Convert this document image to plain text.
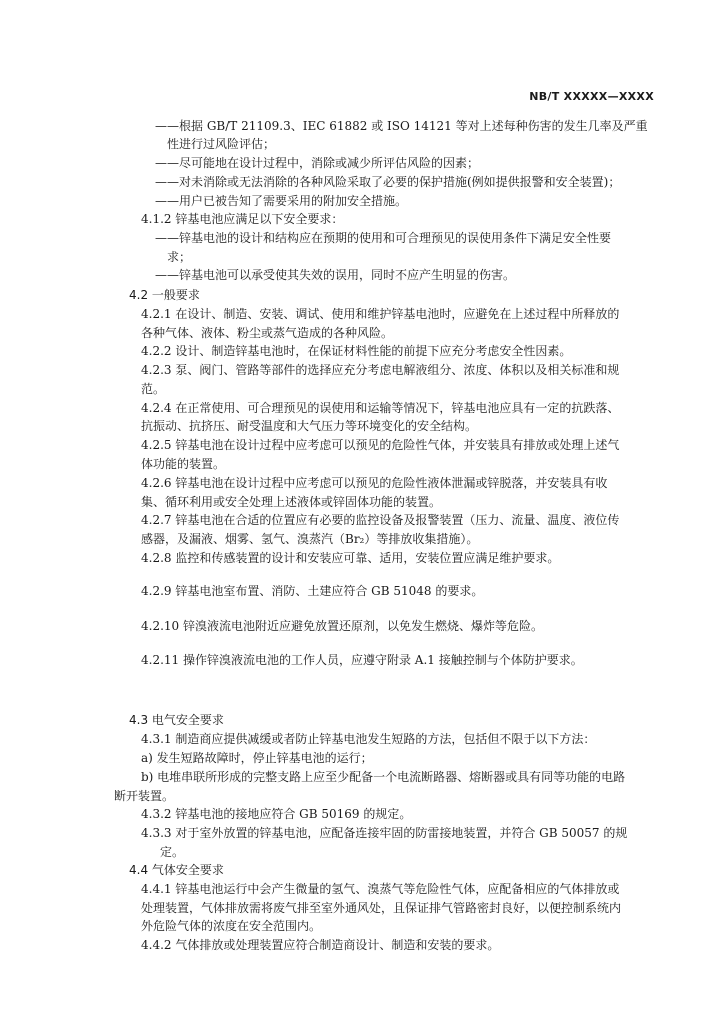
NB/T XXXXX—XXXX
——根据 GB/T 21109.3、IEC 61882 或 ISO 14121 等对上述每种伤害的发生几率及严重
性进行过风险评估；
——尽可能地在设计过程中，消除或减少所评估风险的因素；
——对未消除或无法消除的各种风险采取了必要的保护措施(例如提供报警和安全装置)；
——用户已被告知了需要采用的附加安全措施。
4.1.2 锌基电池应满足以下安全要求：
——锌基电池的设计和结构应在预期的使用和可合理预见的误使用条件下满足安全性要
求；
——锌基电池可以承受使其失效的误用，同时不应产生明显的伤害。
4.2 一般要求
4.2.1 在设计、制造、安装、调试、使用和维护锌基电池时，应避免在上述过程中所释放的
各种气体、液体、粉尘或蒸气造成的各种风险。
4.2.2 设计、制造锌基电池时，在保证材料性能的前提下应充分考虑安全性因素。
4.2.3 泵、阀门、管路等部件的选择应充分考虑电解液组分、浓度、体积以及相关标准和规
范。
4.2.4 在正常使用、可合理预见的误使用和运输等情况下，锌基电池应具有一定的抗跌落、
抗振动、抗挤压、耐受温度和大气压力等环境变化的安全结构。
4.2.5 锌基电池在设计过程中应考虑可以预见的危险性气体，并安装具有排放或处理上述气
体功能的装置。
4.2.6 锌基电池在设计过程中应考虑可以预见的危险性液体泄漏或锌脱落，并安装具有收
集、循环利用或安全处理上述液体或锌固体功能的装置。
4.2.7 锌基电池在合适的位置应有必要的监控设备及报警装置（压力、流量、温度、液位传
感器，及漏液、烟雾、氢气、溴蒸汽（Br₂）等排放收集措施）。
4.2.8 监控和传感装置的设计和安装应可靠、适用，安装位置应满足维护要求。
4.2.9 锌基电池室布置、消防、土建应符合 GB 51048 的要求。
4.2.10 锌溴液流电池附近应避免放置还原剂，以免发生燃烧、爆炸等危险。
4.2.11 操作锌溴液流电池的工作人员，应遵守附录 A.1 接触控制与个体防护要求。
4.3 电气安全要求
4.3.1 制造商应提供减缓或者防止锌基电池发生短路的方法，包括但不限于以下方法：
a) 发生短路故障时，停止锌基电池的运行；
b) 电堆串联所形成的完整支路上应至少配备一个电流断路器、熔断器或具有同等功能的电路
断开装置。
4.3.2 锌基电池的接地应符合 GB 50169 的规定。
4.3.3 对于室外放置的锌基电池，应配备连接牢固的防雷接地装置，并符合 GB 50057 的规
定。
4.4 气体安全要求
4.4.1 锌基电池运行中会产生微量的氢气、溴蒸气等危险性气体，应配备相应的气体排放或
处理装置，气体排放需将废气排至室外通风处，且保证排气管路密封良好，以便控制系统内
外危险气体的浓度在安全范围内。
4.4.2 气体排放或处理装置应符合制造商设计、制造和安装的要求。
